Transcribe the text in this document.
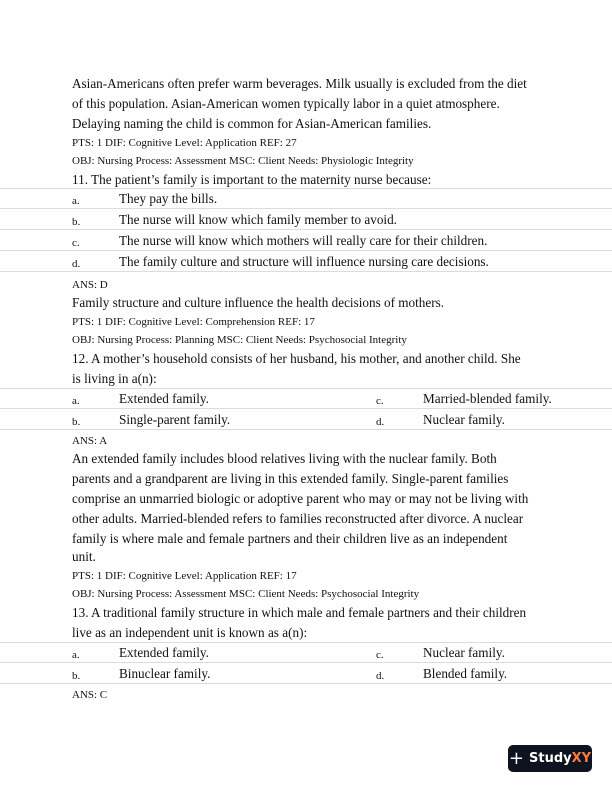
Asian-Americans often prefer warm beverages. Milk usually is excluded from the diet
of this population. Asian-American women typically labor in a quiet atmosphere.
Delaying naming the child is common for Asian-American families.
PTS: 1 DIF: Cognitive Level: Application REF: 27
OBJ: Nursing Process: Assessment MSC: Client Needs: Physiologic Integrity
11. The patient’s family is important to the maternity nurse because:
a.	They pay the bills.
b.	The nurse will know which family member to avoid.
c.	The nurse will know which mothers will really care for their children.
d.	The family culture and structure will influence nursing care decisions.
ANS: D
Family structure and culture influence the health decisions of mothers.
PTS: 1 DIF: Cognitive Level: Comprehension REF: 17
OBJ: Nursing Process: Planning MSC: Client Needs: Psychosocial Integrity
12. A mother’s household consists of her husband, his mother, and another child. She
is living in a(n):
a.	Extended family.	c.	Married-blended family.
b.	Single-parent family.	d.	Nuclear family.
ANS: A
An extended family includes blood relatives living with the nuclear family. Both
parents and a grandparent are living in this extended family. Single-parent families
comprise an unmarried biologic or adoptive parent who may or may not be living with
other adults. Married-blended refers to families reconstructed after divorce. A nuclear
family is where male and female partners and their children live as an independent
unit.
PTS: 1 DIF: Cognitive Level: Application REF: 17
OBJ: Nursing Process: Assessment MSC: Client Needs: Psychosocial Integrity
13. A traditional family structure in which male and female partners and their children
live as an independent unit is known as a(n):
a.	Extended family.	c.	Nuclear family.
b.	Binuclear family.	d.	Blended family.
ANS: C
+ Study XY
